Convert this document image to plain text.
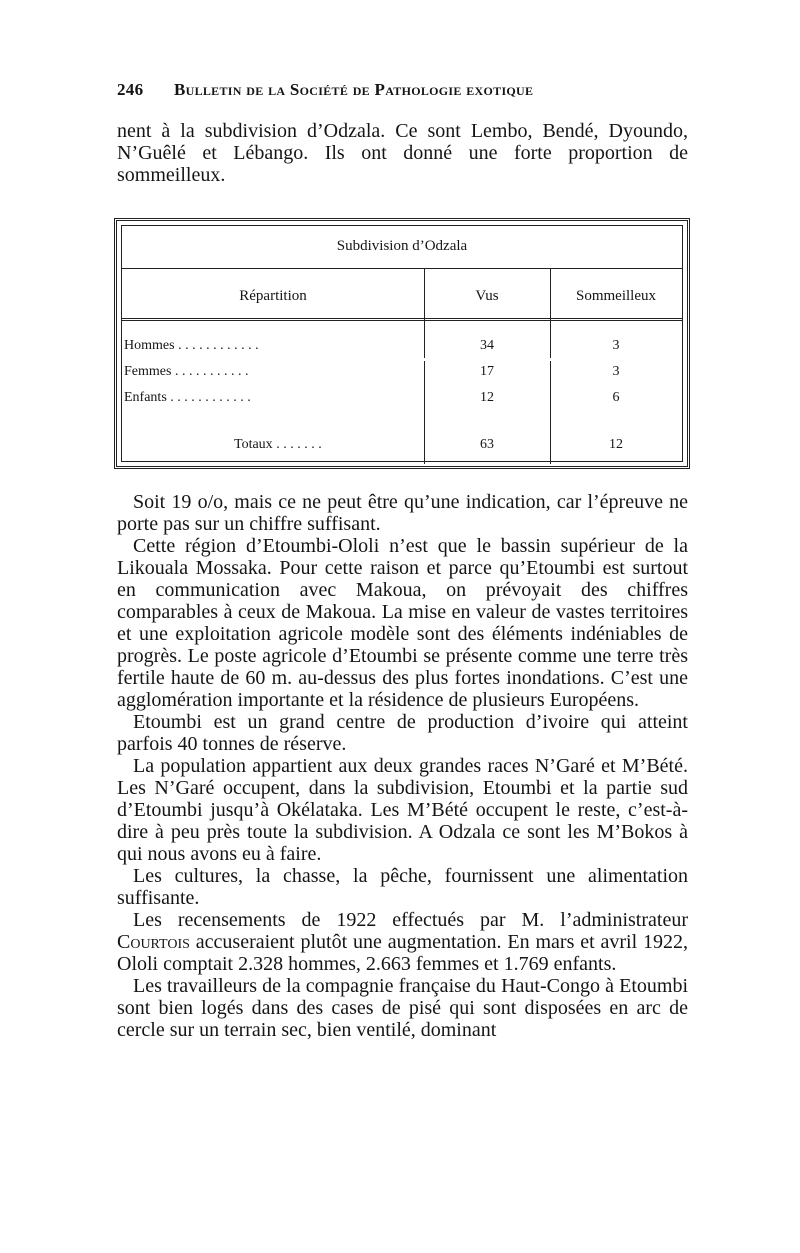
246 Bulletin de la Société de Pathologie exotique

nent à la subdivision d’Odzala. Ce sont Lembo, Bendé, Dyoundo, N’Guêlé et Lébango. Ils ont donné une forte proportion de sommeilleux.

Subdivision d’Odzala
Répartition	Vus	Sommeilleux
Hommes . . . . . . . . . . . .	34	3
Femmes . . . . . . . . . . .	17	3
Enfants . . . . . . . . . . . .	12	6
Totaux . . . . . . .	63	12

Soit 19 o/o, mais ce ne peut être qu’une indication, car l’épreuve ne porte pas sur un chiffre suffisant.

Cette région d’Etoumbi-Ololi n’est que le bassin supérieur de la Likouala Mossaka. Pour cette raison et parce qu’Etoumbi est surtout en communication avec Makoua, on prévoyait des chiffres comparables à ceux de Makoua. La mise en valeur de vastes territoires et une exploitation agricole modèle sont des éléments indéniables de progrès. Le poste agricole d’Etoumbi se présente comme une terre très fertile haute de 60 m. au-dessus des plus fortes inondations. C’est une agglomération importante et la résidence de plusieurs Européens.

Etoumbi est un grand centre de production d’ivoire qui atteint parfois 40 tonnes de réserve.

La population appartient aux deux grandes races N’Garé et M’Bété. Les N’Garé occupent, dans la subdivision, Etoumbi et la partie sud d’Etoumbi jusqu’à Okélataka. Les M’Bété occupent le reste, c’est-à-dire à peu près toute la subdivision. A Odzala ce sont les M’Bokos à qui nous avons eu à faire.

Les cultures, la chasse, la pêche, fournissent une alimentation suffisante.

Les recensements de 1922 effectués par M. l’administrateur Courtois accuseraient plutôt une augmentation. En mars et avril 1922, Ololi comptait 2.328 hommes, 2.663 femmes et 1.769 enfants.

Les travailleurs de la compagnie française du Haut-Congo à Etoumbi sont bien logés dans des cases de pisé qui sont disposées en arc de cercle sur un terrain sec, bien ventilé, dominant
